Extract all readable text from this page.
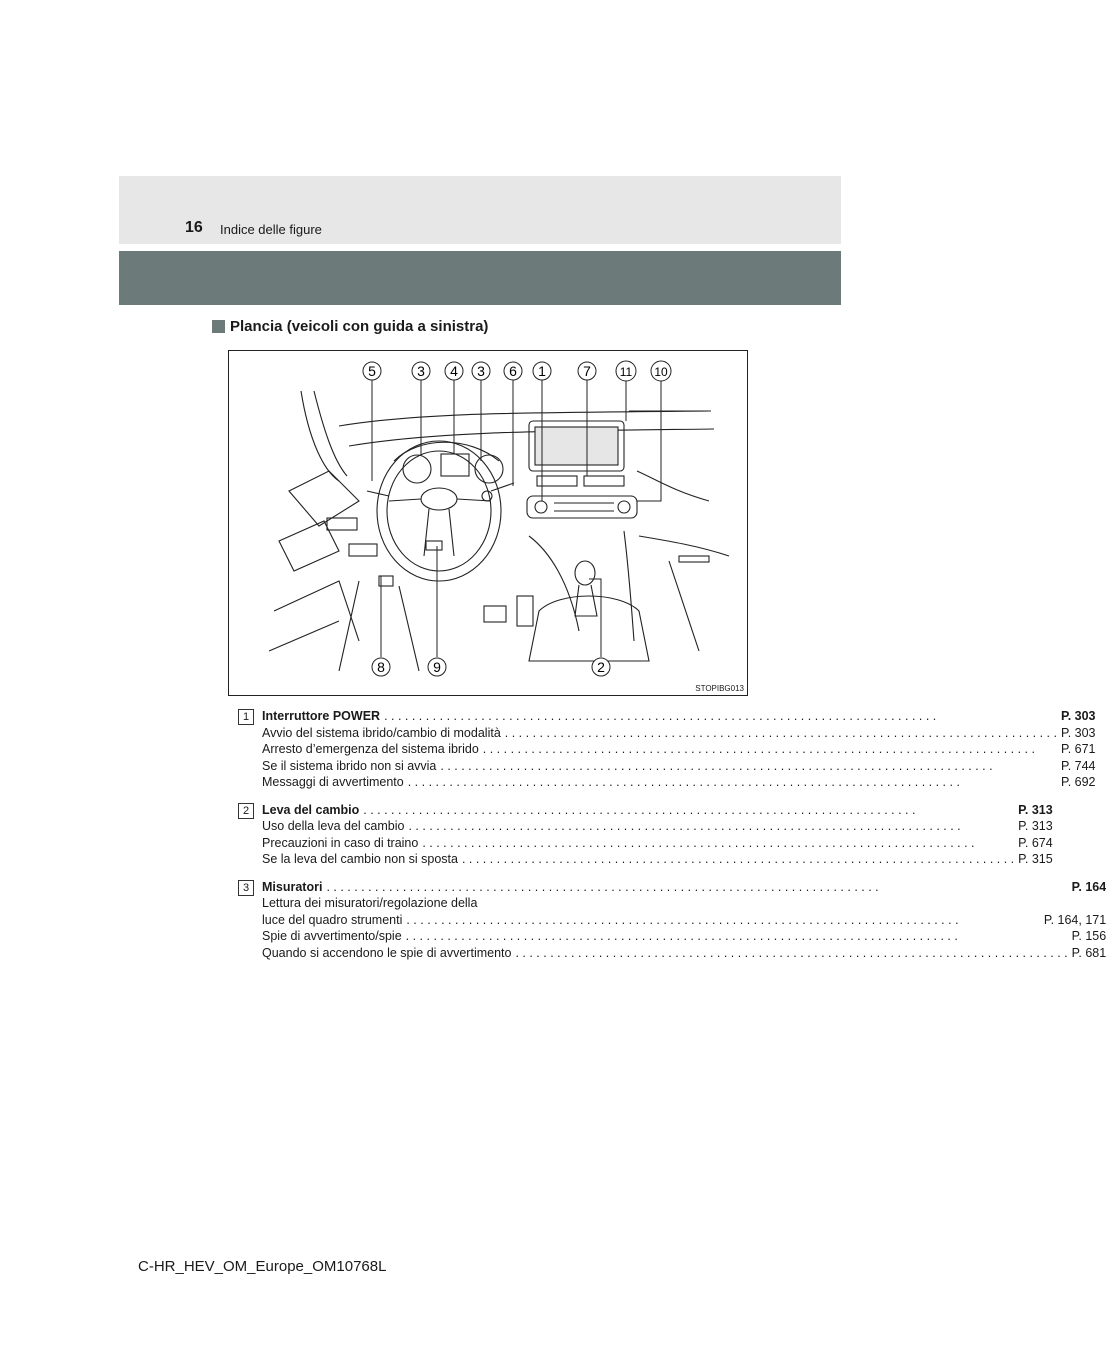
16 Indice delle figure
Plancia (veicoli con guida a sinistra)
5	3 4 3 6 1	7 11 10
8	9	2
STOPIBG013
1	Interruttore POWER . . .	P. 303
Avvio del sistema ibrido/cambio di modalità . . .	P. 303
Arresto d’emergenza del sistema ibrido . . .	P. 671
Se il sistema ibrido non si avvia . . .	P. 744
Messaggi di avvertimento . . .	P. 692
2	Leva del cambio . . .	P. 313
Uso della leva del cambio . . .	P. 313
Precauzioni in caso di traino . . .	P. 674
Se la leva del cambio non si sposta . . .	P. 315
3	Misuratori . . .	P. 164
Lettura dei misuratori/regolazione della
luce del quadro strumenti . . .	P. 164, 171
Spie di avvertimento/spie . . .	P. 156
Quando si accendono le spie di avvertimento . . .	P. 681
C-HR_HEV_OM_Europe_OM10768L
